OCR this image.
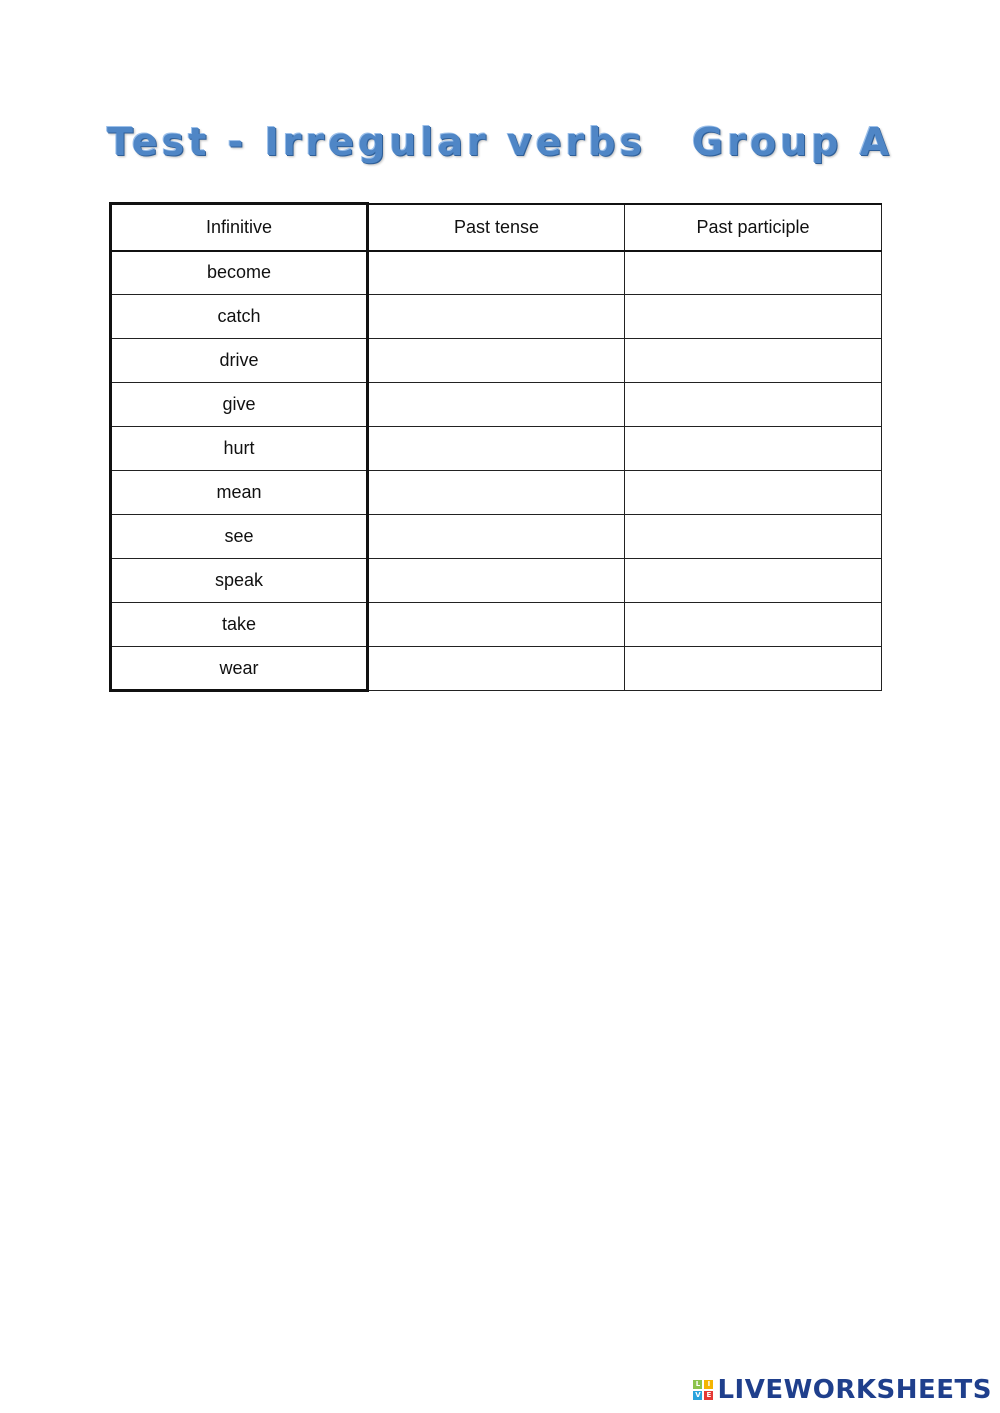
Test - Irregular verbs Group A
Infinitive	Past tense	Past participle
become		
catch		
drive		
give		
hurt		
mean		
see		
speak		
take		
wear		
L	I
V E LIVEWORKSHEETS
